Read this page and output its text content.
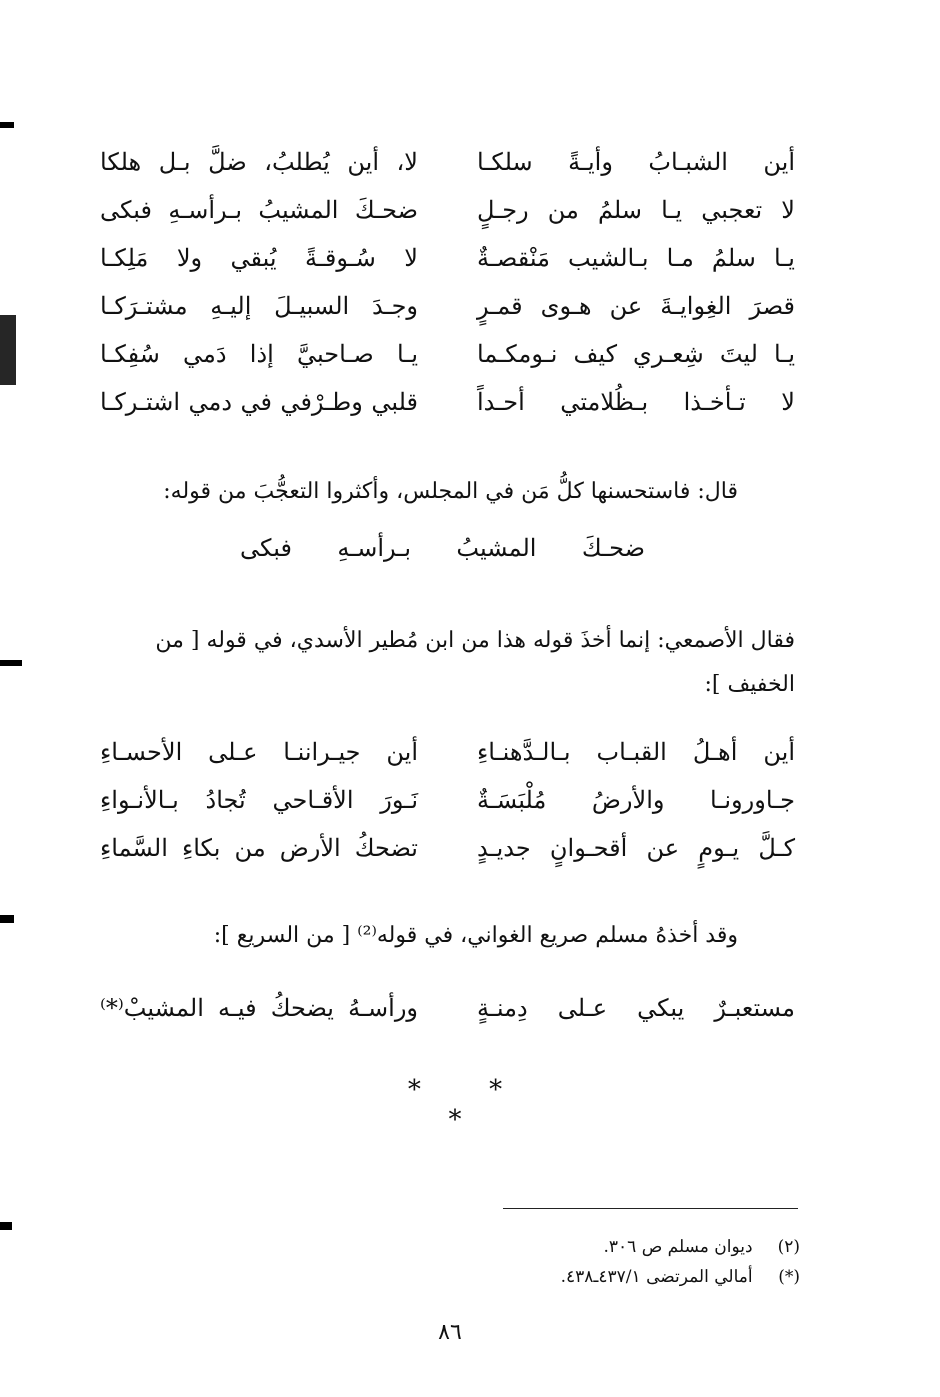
أين الشبـابُ وأيـةً سلكـا
لا، أين يُطلبُ، ضلَّ بـل هلكا
لا تعجبي يـا سلمُ من رجـلٍ
ضحـكَ المشيبُ بـرأسـهِ فبكى
يـا سلمُ مـا بـالشيب مَنْقصـةٌ
لا سُـوقـةً يُبقي ولا مَلِكـا
قصرَ الغِوايـةَ عن هـوى قمـرٍ
وجـدَ السبيـلَ إليـهِ مشتـرَكـا
يـا ليتَ شِعـري كيف نـومكـما
يـا صـاحبيَّ إذا دَمي سُفِكـا
لا تـأخـذا بـظُلامتي أحـداً
قلبي وطـرْفي في دمي اشتـركـا
قال: فاستحسنها كلُّ مَن في المجلس، وأكثروا التعجُّبَ من قوله:
ضحـكَ المشيبُ بـرأسـهِ فبكى
فقال الأصمعي: إنما أخذَ قوله هذا من ابن مُطير الأسدي، في قوله [ من الخفيف ]:
أين أهـلُ القبـاب بـالـدَّهنـاءِ
أين جيـراننـا عـلى الأحسـاءِ
جـاورونـا والأرضُ مُلْبَسَـةٌ
نَـورَ الأقـاحي تُجادُ بـالأنـواءِ
كـلَّ يـومٍ عن أقحـوانٍ جديـدٍ
تضحكُ الأرض من بكاءِ السَّماءِ
وقد أخذهُ مسلم صريع الغواني، في قوله⁽²⁾ [ من السريع ]:
مستعبـرٌ يبكي عـلى دِمنـةٍ
ورأسـهُ يضحكُ فيـه المشيبْ⁽*⁾
* * *
(٢) ديوان مسلم ص ٣٠٦.
(*) أمالي المرتضى ٤٣٧/١ـ٤٣٨.
٨٦
